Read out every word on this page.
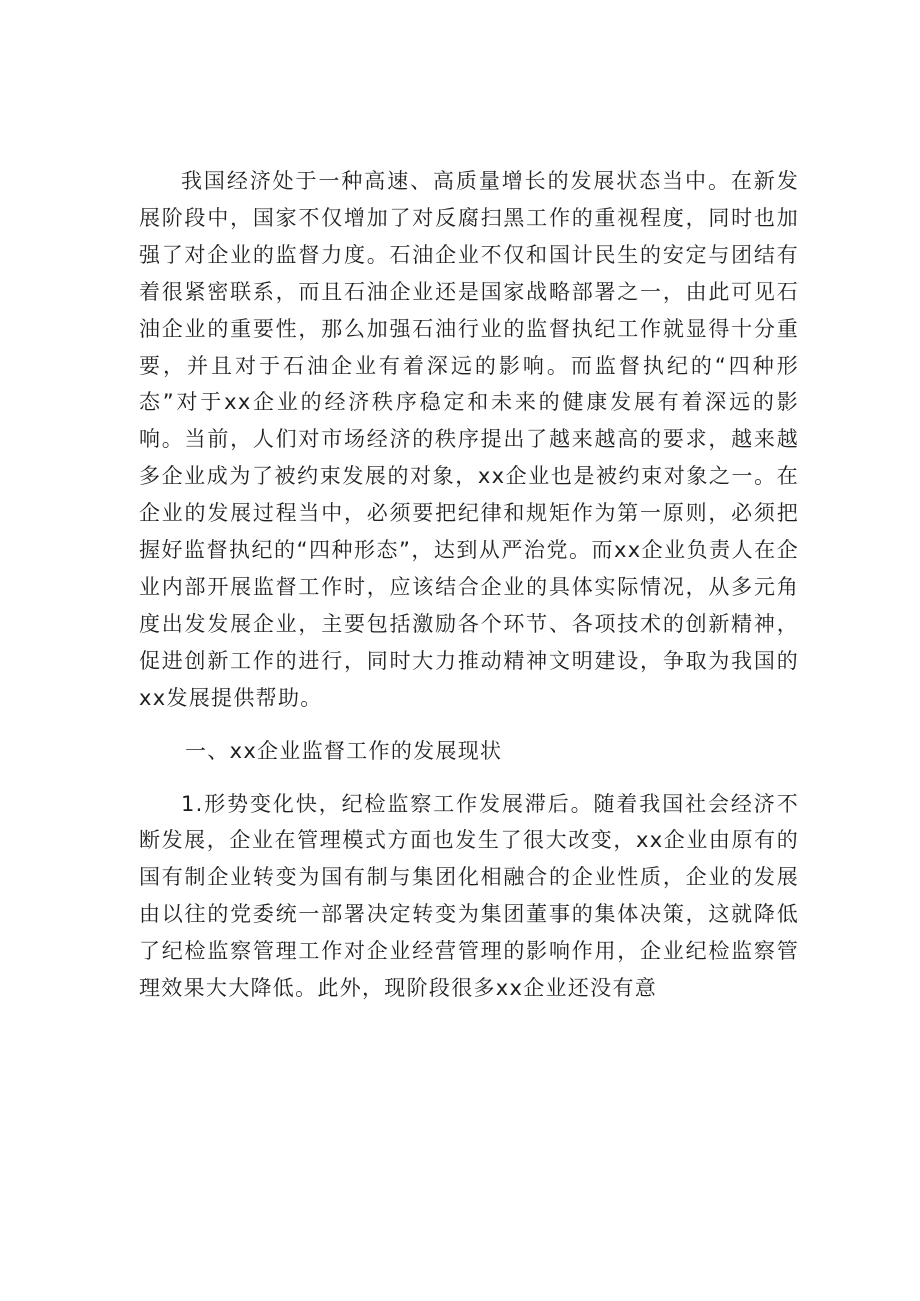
我国经济处于一种高速、高质量增长的发展状态当中。在新发展阶段中，国家不仅增加了对反腐扫黑工作的重视程度，同时也加强了对企业的监督力度。石油企业不仅和国计民生的安定与团结有着很紧密联系，而且石油企业还是国家战略部署之一，由此可见石油企业的重要性，那么加强石油行业的监督执纪工作就显得十分重要，并且对于石油企业有着深远的影响。而监督执纪的“四种形态”对于xx企业的经济秩序稳定和未来的健康发展有着深远的影响。当前，人们对市场经济的秩序提出了越来越高的要求，越来越多企业成为了被约束发展的对象，xx企业也是被约束对象之一。在企业的发展过程当中，必须要把纪律和规矩作为第一原则，必须把握好监督执纪的“四种形态”，达到从严治党。而xx企业负责人在企业内部开展监督工作时，应该结合企业的具体实际情况，从多元角度出发发展企业，主要包括激励各个环节、各项技术的创新精神，促进创新工作的进行，同时大力推动精神文明建设，争取为我国的xx发展提供帮助。

一、xx企业监督工作的发展现状

1.形势变化快，纪检监察工作发展滞后。随着我国社会经济不断发展，企业在管理模式方面也发生了很大改变，xx企业由原有的国有制企业转变为国有制与集团化相融合的企业性质，企业的发展由以往的党委统一部署决定转变为集团董事的集体决策，这就降低了纪检监察管理工作对企业经营管理的影响作用，企业纪检监察管理效果大大降低。此外，现阶段很多xx企业还没有意
